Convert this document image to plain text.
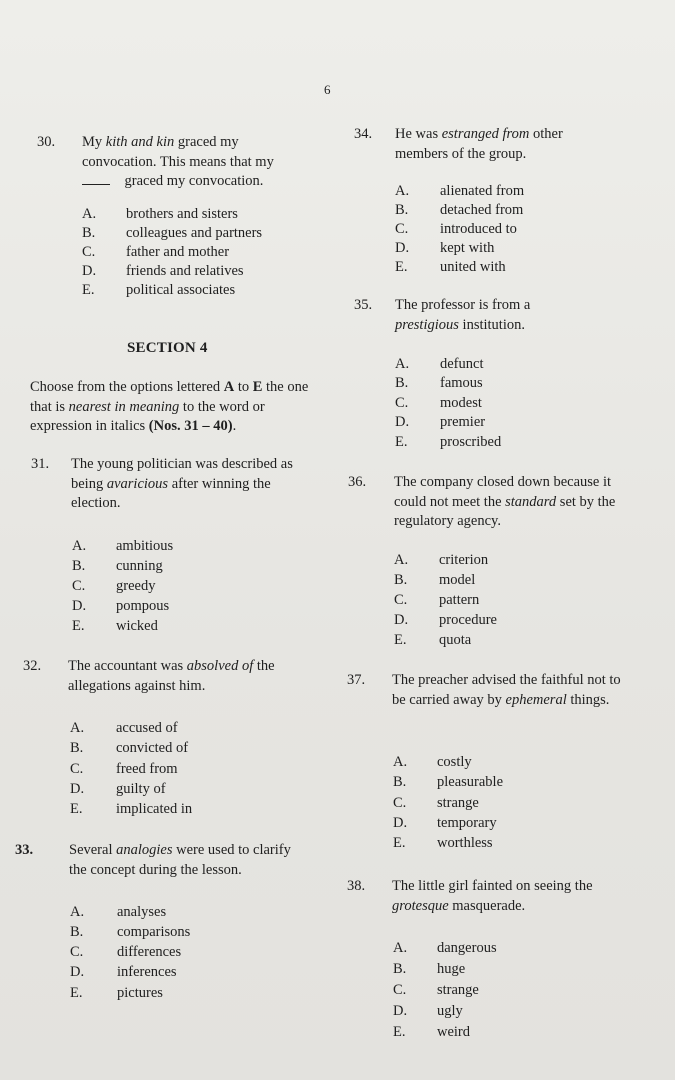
6
30. My kith and kin graced my convocation. This means that my
graced my convocation.
A. brothers and sisters
B. colleagues and partners
C. father and mother
D. friends and relatives
E. political associates
SECTION 4
Choose from the options lettered A to E the one that is nearest in meaning to the word or expression in italics (Nos. 31 – 40).
31. The young politician was described as being avaricious after winning the election.
A. ambitious
B. cunning
C. greedy
D. pompous
E. wicked
32. The accountant was absolved of the allegations against him.
A. accused of
B. convicted of
C. freed from
D. guilty of
E. implicated in
33. Several analogies were used to clarify the concept during the lesson.
A. analyses
B. comparisons
C. differences
D. inferences
E. pictures
34. He was estranged from other members of the group.
A. alienated from
B. detached from
C. introduced to
D. kept with
E. united with
35. The professor is from a prestigious institution.
A. defunct
B. famous
C. modest
D. premier
E. proscribed
36. The company closed down because it could not meet the standard set by the regulatory agency.
A. criterion
B. model
C. pattern
D. procedure
E. quota
37. The preacher advised the faithful not to be carried away by ephemeral things.
A. costly
B. pleasurable
C. strange
D. temporary
E. worthless
38. The little girl fainted on seeing the grotesque masquerade.
A. dangerous
B. huge
C. strange
D. ugly
E. weird
